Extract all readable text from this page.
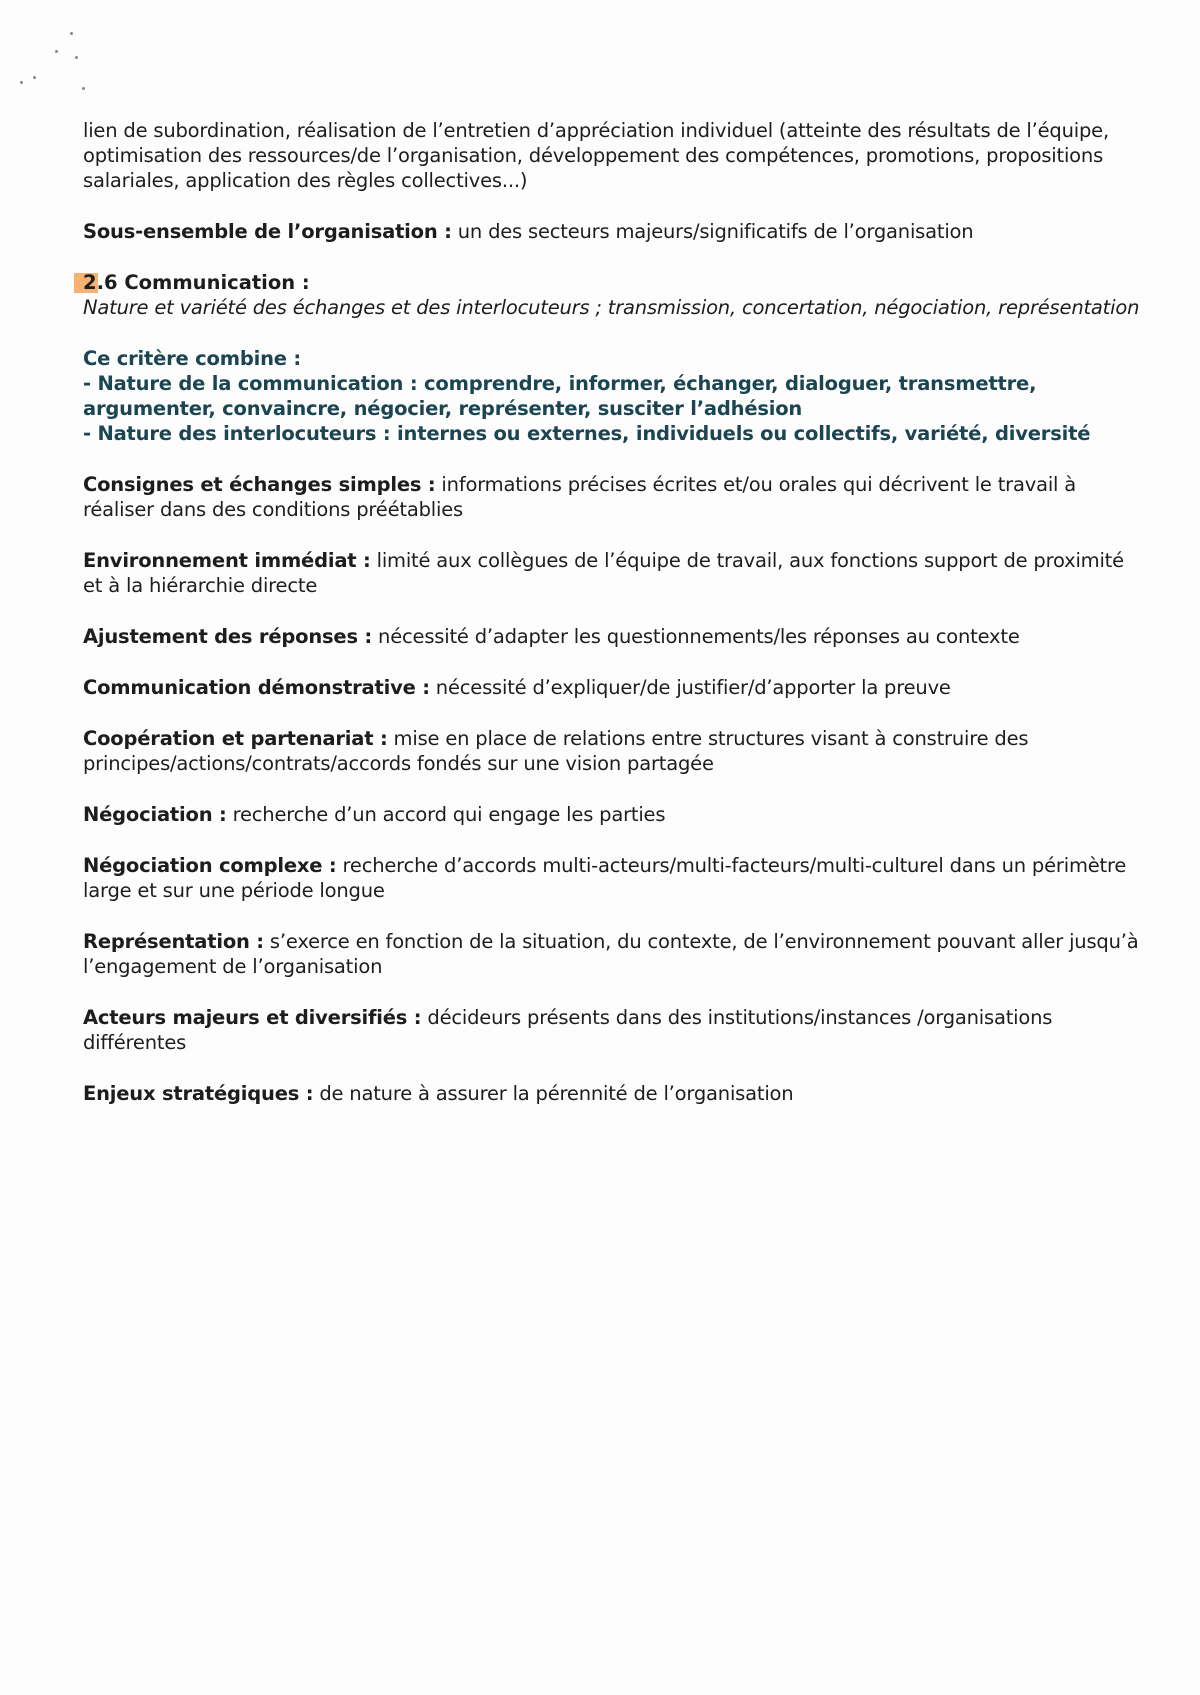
lien de subordination, réalisation de l’entretien d’appréciation individuel (atteinte des résultats de l’équipe, optimisation des ressources/de l’organisation, développement des compétences, promotions, propositions salariales, application des règles collectives...)

Sous-ensemble de l’organisation : un des secteurs majeurs/significatifs de l’organisation

2.6 Communication :

Nature et variété des échanges et des interlocuteurs ; transmission, concertation, négociation, représentation

Ce critère combine :
- Nature de la communication : comprendre, informer, échanger, dialoguer, transmettre, argumenter, convaincre, négocier, représenter, susciter l’adhésion
- Nature des interlocuteurs : internes ou externes, individuels ou collectifs, variété, diversité

Consignes et échanges simples : informations précises écrites et/ou orales qui décrivent le travail à réaliser dans des conditions préétablies

Environnement immédiat : limité aux collègues de l’équipe de travail, aux fonctions support de proximité et à la hiérarchie directe

Ajustement des réponses : nécessité d’adapter les questionnements/les réponses au contexte

Communication démonstrative : nécessité d’expliquer/de justifier/d’apporter la preuve

Coopération et partenariat : mise en place de relations entre structures visant à construire des principes/actions/contrats/accords fondés sur une vision partagée

Négociation : recherche d’un accord qui engage les parties

Négociation complexe : recherche d’accords multi-acteurs/multi-facteurs/multi-culturel dans un périmètre large et sur une période longue

Représentation : s’exerce en fonction de la situation, du contexte, de l’environnement pouvant aller jusqu’à l’engagement de l’organisation

Acteurs majeurs et diversifiés : décideurs présents dans des institutions/instances /organisations différentes

Enjeux stratégiques : de nature à assurer la pérennité de l’organisation
